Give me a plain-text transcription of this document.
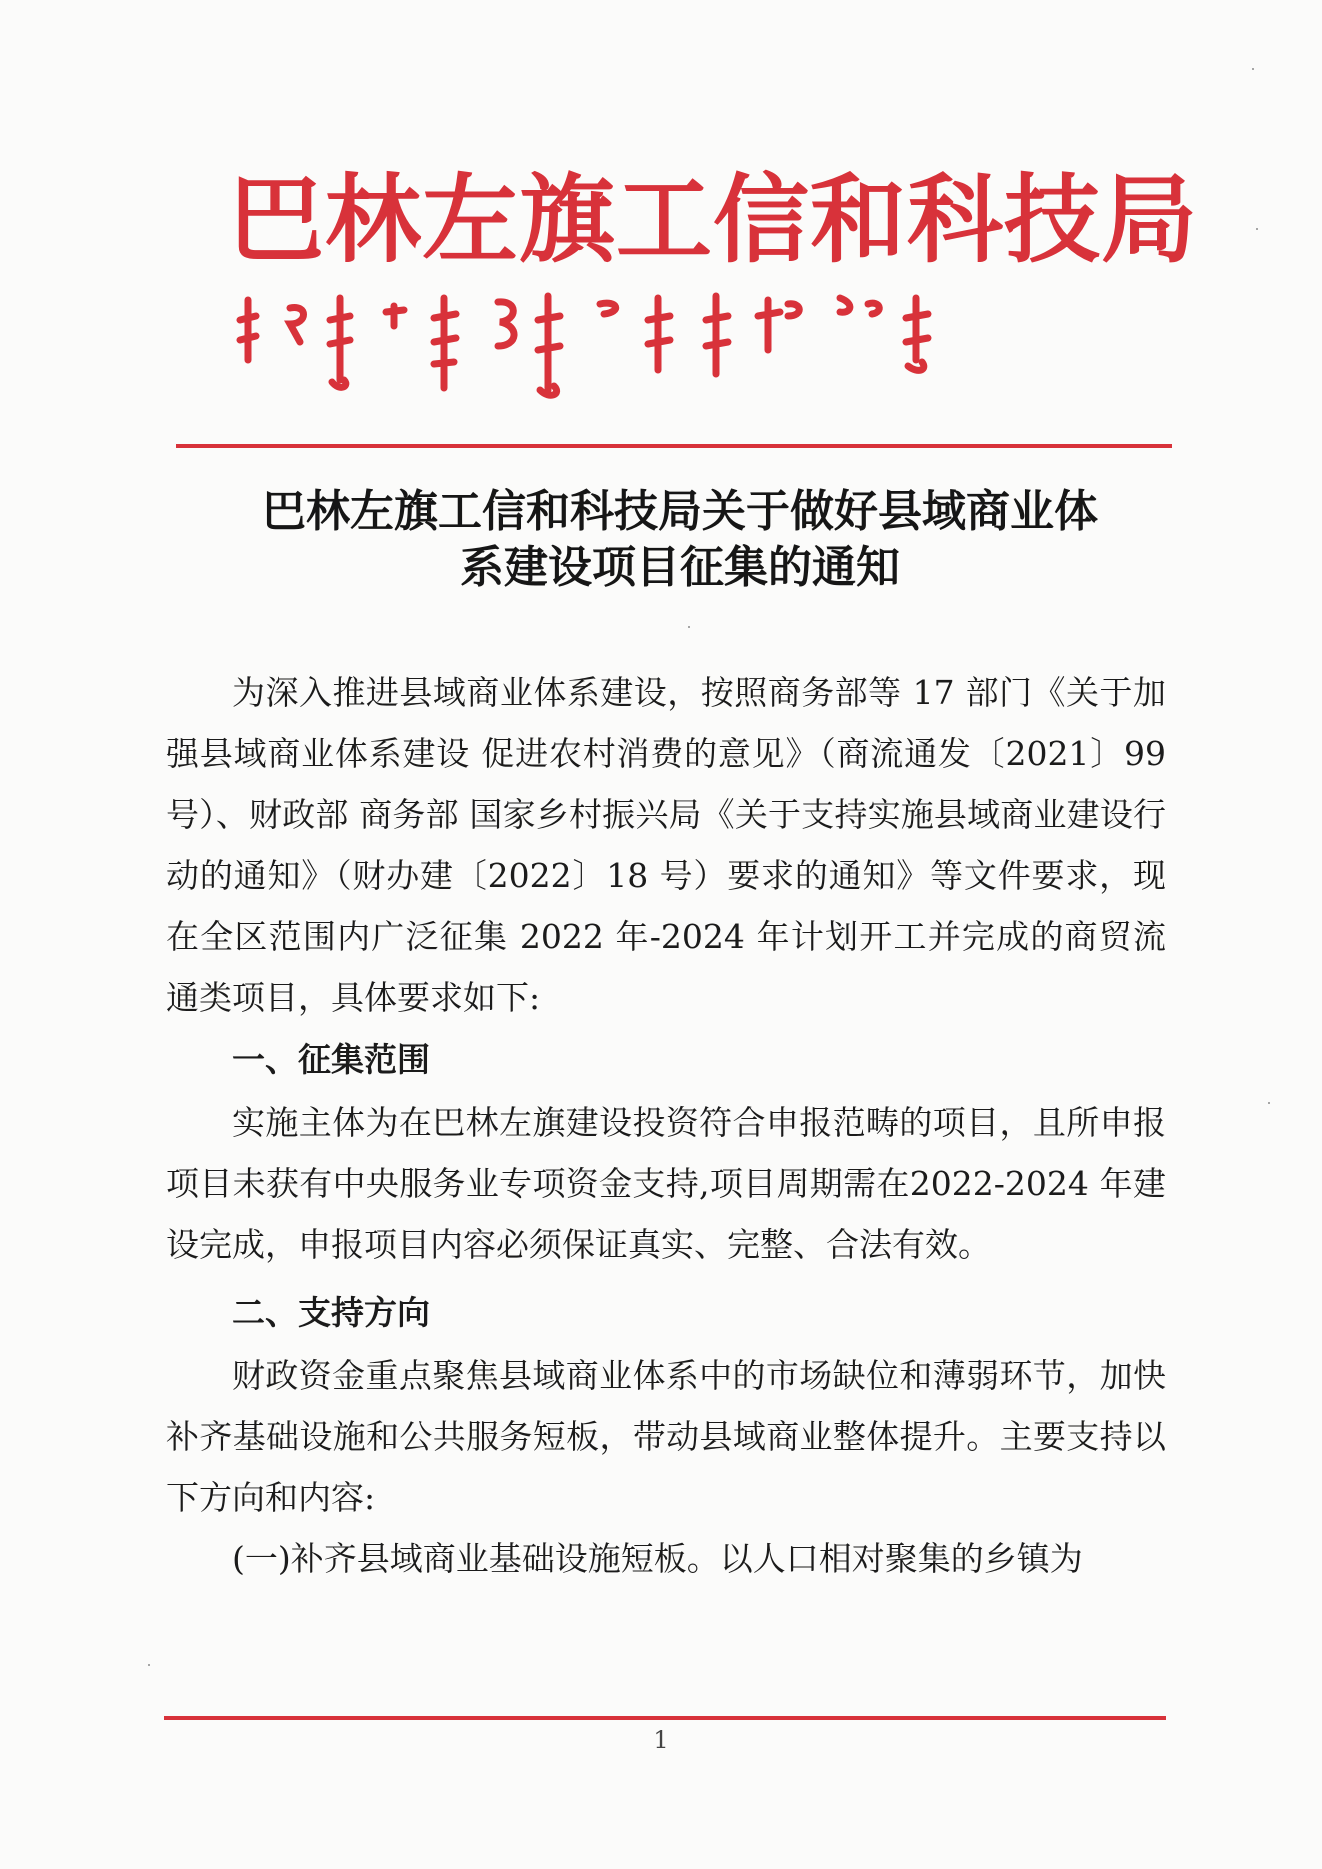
巴林左旗工信和科技局
巴林左旗工信和科技局关于做好县域商业体
系建设项目征集的通知

为深入推进县域商业体系建设，按照商务部等 17 部门《关于加强县域商业体系建设 促进农村消费的意见》（商流通发〔2021〕99 号）、财政部 商务部 国家乡村振兴局《关于支持实施县域商业建设行动的通知》（财办建〔2022〕18 号）要求的通知》等文件要求，现在全区范围内广泛征集 2022 年-2024 年计划开工并完成的商贸流通类项目，具体要求如下:

一、征集范围

实施主体为在巴林左旗建设投资符合申报范畴的项目，且所申报项目未获有中央服务业专项资金支持,项目周期需在2022-2024 年建设完成，申报项目内容必须保证真实、完整、合法有效。

二、支持方向

财政资金重点聚焦县域商业体系中的市场缺位和薄弱环节，加快补齐基础设施和公共服务短板，带动县域商业整体提升。主要支持以下方向和内容:

(一)补齐县域商业基础设施短板。以人口相对聚集的乡镇为

1
